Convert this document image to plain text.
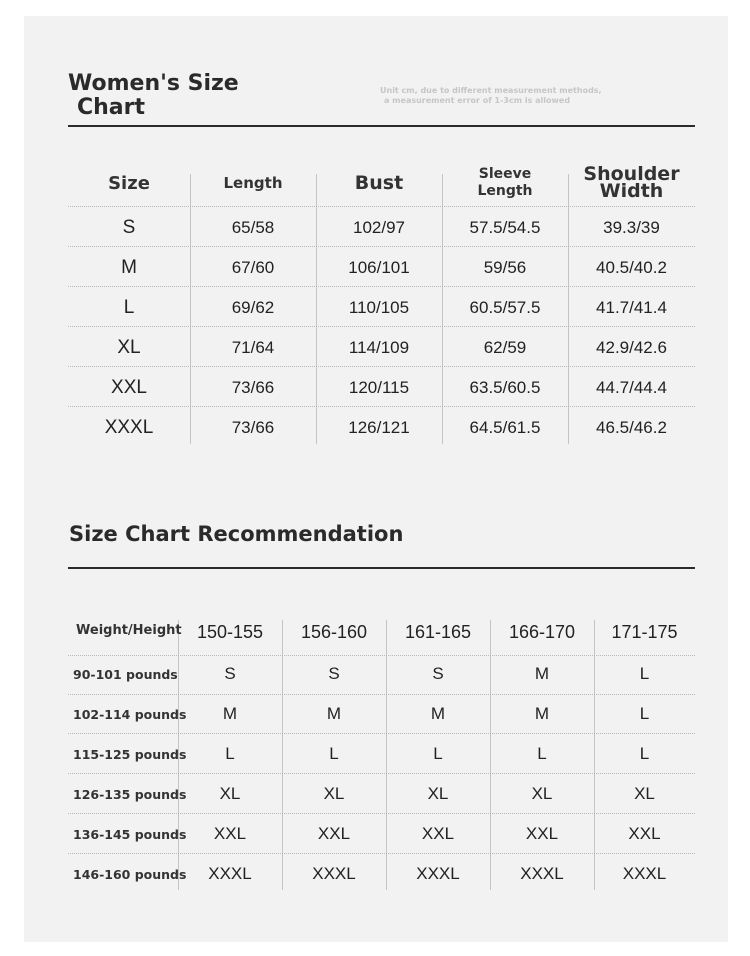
Women's Size
Chart
Unit cm, due to different measurement methods,
a measurement error of 1-3cm is allowed
Size	Length	Bust	Sleeve
Length
Shoulder
Width
S	65/58	102/97	57.5/54.5	39.3/39
M	67/60	106/101	59/56	40.5/40.2
L	69/62	110/105	60.5/57.5	41.7/41.4
XL	71/64	114/109	62/59	42.9/42.6
XXL	73/66	120/115	63.5/60.5	44.7/44.4
XXXL	73/66	126/121	64.5/61.5	46.5/46.2
Size Chart Recommendation
Weight/Height 150-155 156-160 161-165 166-170 171-175
90-101 pounds	S	S	S	M	L
102-114 pounds M	M	M	M	L
115-125 pounds L	L	L	L	L
126-135 pounds XL	XL	XL	XL	XL
136-145 pounds XXL	XXL	XXL	XXL	XXL
146-160 pounds XXXL	XXXL	XXXL	XXXL	XXXL
